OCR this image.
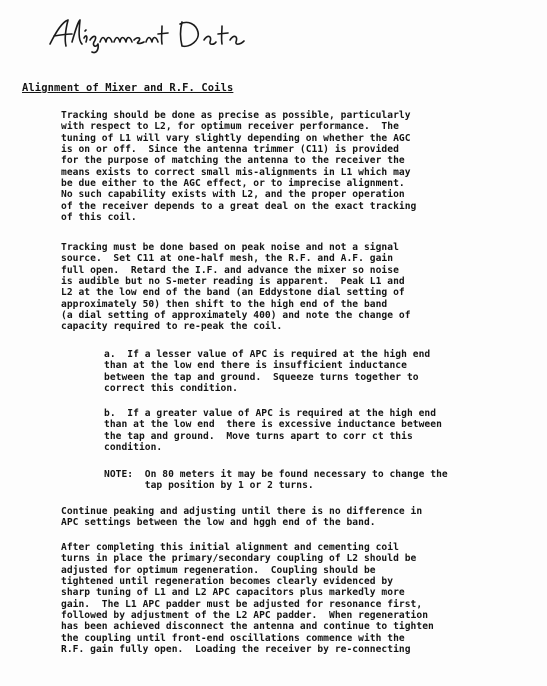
Alignment of Mixer and R.F. Coils
Tracking should be done as precise as possible, particularly
with respect to L2, for optimum receiver performance.  The
tuning of L1 will vary slightly depending on whether the AGC
is on or off.  Since the antenna trimmer (C11) is provided
for the purpose of matching the antenna to the receiver the
means exists to correct small mis-alignments in L1 which may
be due either to the AGC effect, or to imprecise alignment.
No such capability exists with L2, and the proper operation
of the receiver depends to a great deal on the exact tracking
of this coil.
Tracking must be done based on peak noise and not a signal
source.  Set C11 at one-half mesh, the R.F. and A.F. gain
full open.  Retard the I.F. and advance the mixer so noise
is audible but no S-meter reading is apparent.  Peak L1 and
L2 at the low end of the band (an Eddystone dial setting of
approximately 50) then shift to the high end of the band
(a dial setting of approximately 400) and note the change of
capacity required to re-peak the coil.
a.  If a lesser value of APC is required at the high end
than at the low end there is insufficient inductance
between the tap and ground.  Squeeze turns together to
correct this condition.
b.  If a greater value of APC is required at the high end
than at the low end  there is excessive inductance between
the tap and ground.  Move turns apart to corr ct this
condition.
NOTE:  On 80 meters it may be found necessary to change the
tap position by 1 or 2 turns.
Continue peaking and adjusting until there is no difference in
APC settings between the low and hggh end of the band.
After completing this initial alignment and cementing coil
turns in place the primary/secondary coupling of L2 should be
adjusted for optimum regeneration.  Coupling should be
tightened until regeneration becomes clearly evidenced by
sharp tuning of L1 and L2 APC capacitors plus markedly more
gain.  The L1 APC padder must be adjusted for resonance first,
followed by adjustment of the L2 APC padder.  When regeneration
has been achieved disconnect the antenna and continue to tighten
the coupling until front-end oscillations commence with the
R.F. gain fully open.  Loading the receiver by re-connecting
